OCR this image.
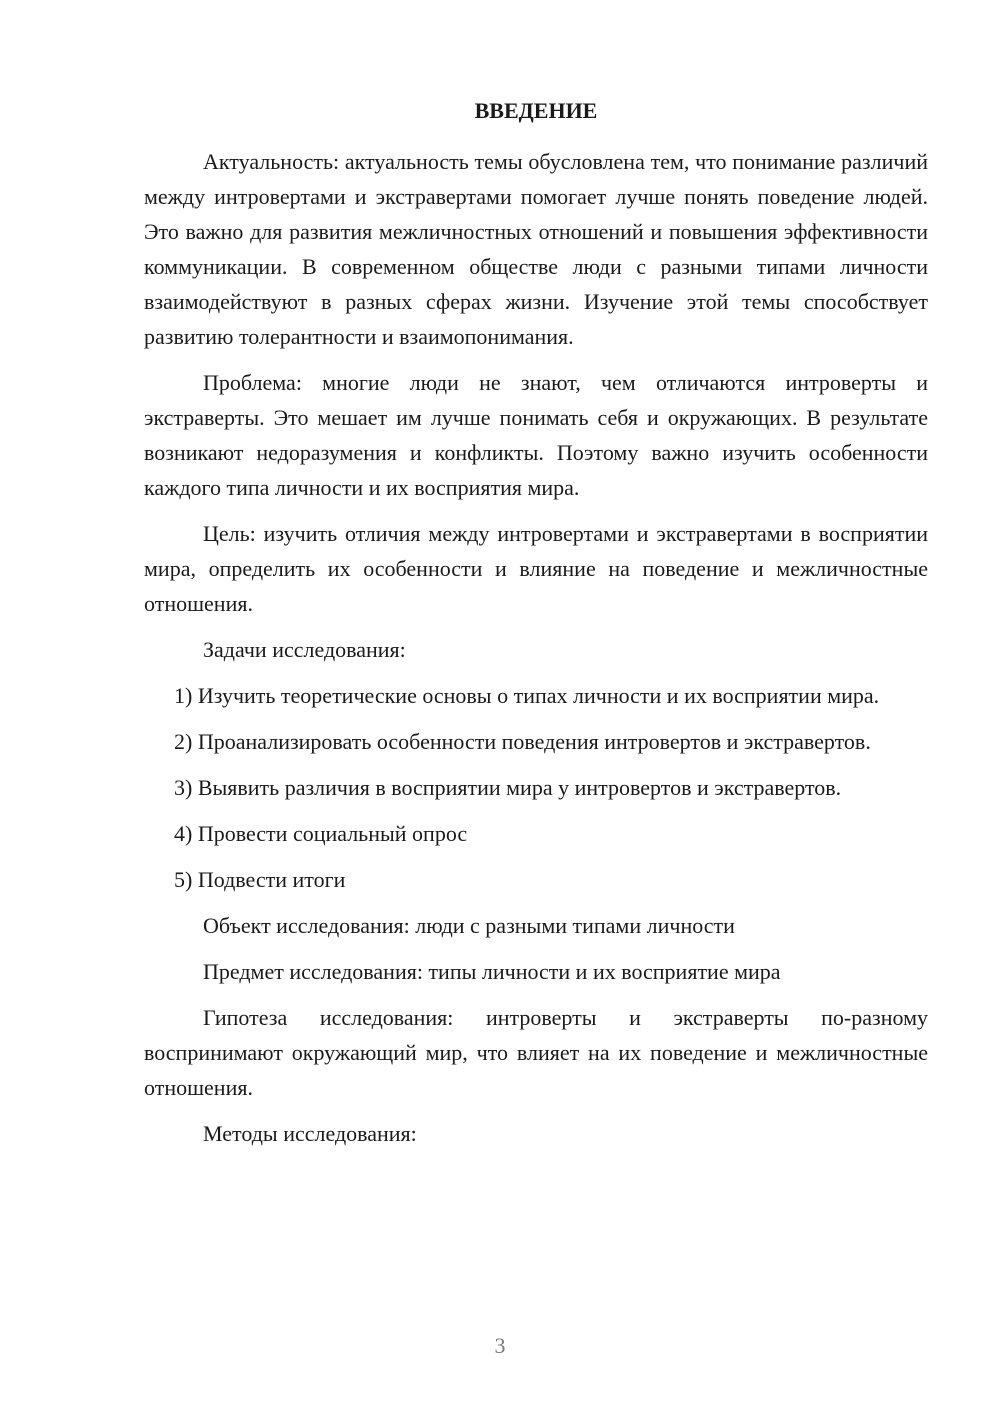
ВВЕДЕНИЕ

Актуальность: актуальность темы обусловлена тем, что понимание различий между интровертами и экстравертами помогает лучше понять поведение людей. Это важно для развития межличностных отношений и повышения эффективности коммуникации. В современном обществе люди с разными типами личности взаимодействуют в разных сферах жизни. Изучение этой темы способствует развитию толерантности и взаимопонимания.

Проблема: многие люди не знают, чем отличаются интроверты и экстраверты. Это мешает им лучше понимать себя и окружающих. В результате возникают недоразумения и конфликты. Поэтому важно изучить особенности каждого типа личности и их восприятия мира.

Цель: изучить отличия между интровертами и экстравертами в восприятии мира, определить их особенности и влияние на поведение и межличностные отношения.

Задачи исследования:

1) Изучить теоретические основы о типах личности и их восприятии мира.

2) Проанализировать особенности поведения интровертов и экстравертов.

3) Выявить различия в восприятии мира у интровертов и экстравертов.

4) Провести социальный опрос

5) Подвести итоги

Объект исследования: люди с разными типами личности

Предмет исследования: типы личности и их восприятие мира

Гипотеза исследования: интроверты и экстраверты по-разному воспринимают окружающий мир, что влияет на их поведение и межличностные отношения.

Методы исследования:

3
